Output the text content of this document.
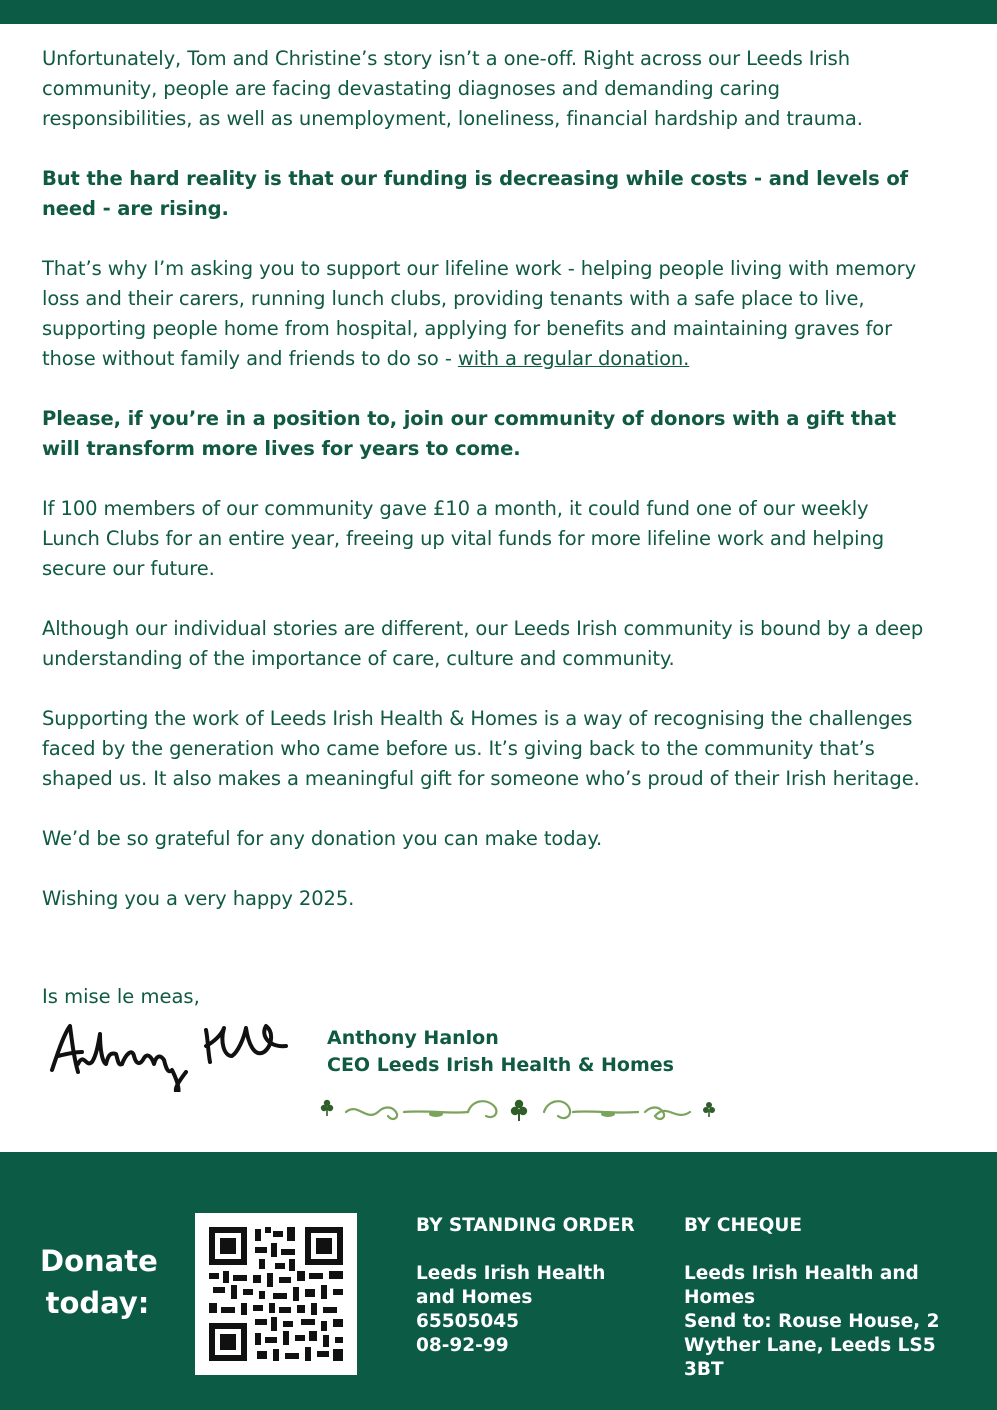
Unfortunately, Tom and Christine’s story isn’t a one-off. Right across our Leeds Irish community, people are facing devastating diagnoses and demanding caring responsibilities, as well as unemployment, loneliness, financial hardship and trauma.

But the hard reality is that our funding is decreasing while costs - and levels of need - are rising.

That’s why I’m asking you to support our lifeline work - helping people living with memory loss and their carers, running lunch clubs, providing tenants with a safe place to live, supporting people home from hospital, applying for benefits and maintaining graves for those without family and friends to do so - with a regular donation.

Please, if you’re in a position to, join our community of donors with a gift that will transform more lives for years to come.

If 100 members of our community gave £10 a month, it could fund one of our weekly Lunch Clubs for an entire year, freeing up vital funds for more lifeline work and helping secure our future.

Although our individual stories are different, our Leeds Irish community is bound by a deep understanding of the importance of care, culture and community.

Supporting the work of Leeds Irish Health & Homes is a way of recognising the challenges faced by the generation who came before us. It’s giving back to the community that’s shaped us. It also makes a meaningful gift for someone who’s proud of their Irish heritage.

We’d be so grateful for any donation you can make today.

Wishing you a very happy 2025.

Is mise le meas,
Anthony Hanlon
CEO Leeds Irish Health & Homes
Donate today:
BY STANDING ORDER
Leeds Irish Health
and Homes
65505045
08-92-99
BY CHEQUE
Leeds Irish Health and
Homes
Send to: Rouse House, 2
Wyther Lane, Leeds LS5 3BT
